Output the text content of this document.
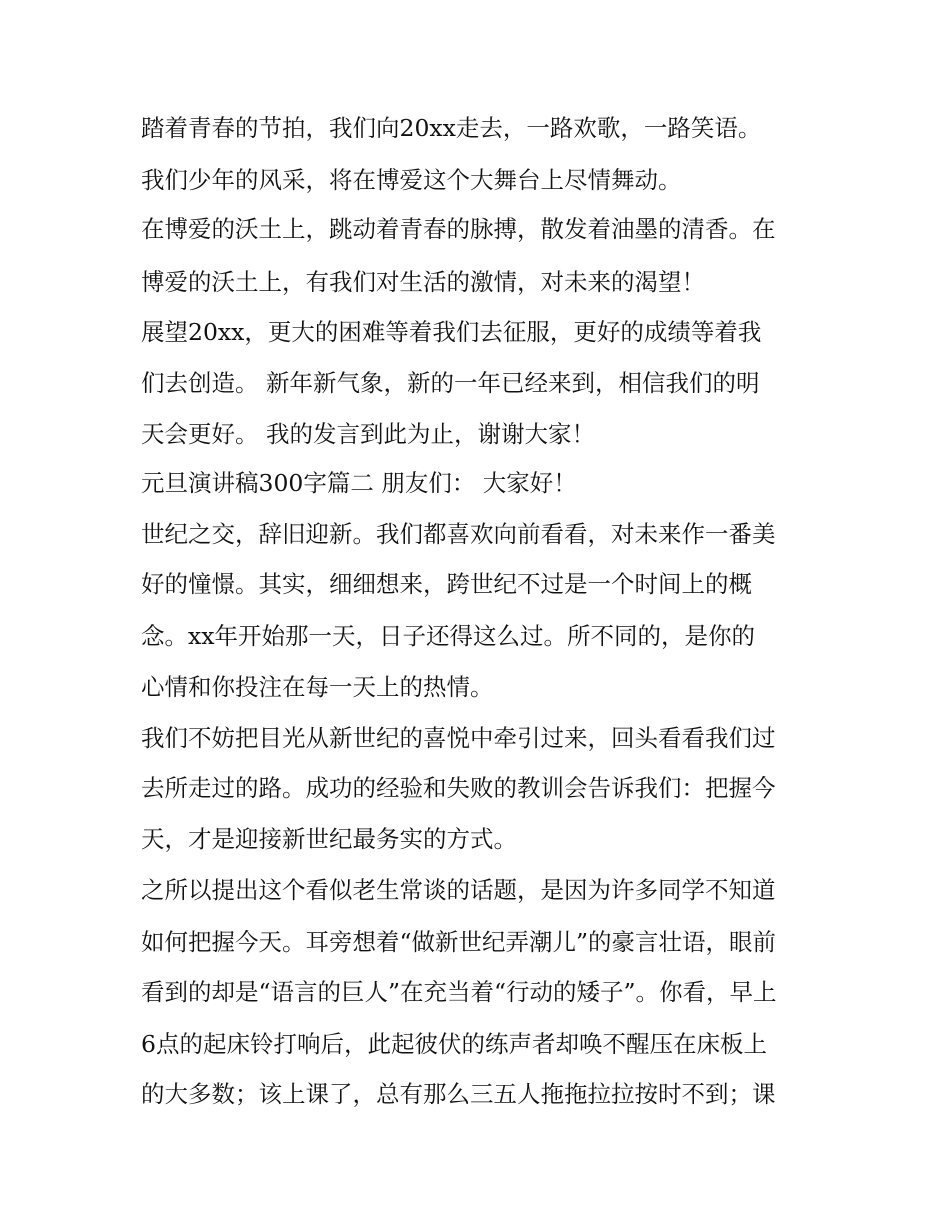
踏着青春的节拍，我们向20xx走去，一路欢歌，一路笑语。
我们少年的风采，将在博爱这个大舞台上尽情舞动。
在博爱的沃土上，跳动着青春的脉搏，散发着油墨的清香。在
博爱的沃土上，有我们对生活的激情，对未来的渴望！
展望20xx，更大的困难等着我们去征服，更好的成绩等着我
们去创造。 新年新气象，新的一年已经来到，相信我们的明
天会更好。 我的发言到此为止，谢谢大家！
元旦演讲稿300字篇二 朋友们： 大家好！
世纪之交，辞旧迎新。我们都喜欢向前看看，对未来作一番美
好的憧憬。其实，细细想来，跨世纪不过是一个时间上的概
念。xx年开始那一天，日子还得这么过。所不同的，是你的
心情和你投注在每一天上的热情。
我们不妨把目光从新世纪的喜悦中牵引过来，回头看看我们过
去所走过的路。成功的经验和失败的教训会告诉我们：把握今
天，才是迎接新世纪最务实的方式。
之所以提出这个看似老生常谈的话题，是因为许多同学不知道
如何把握今天。耳旁想着“做新世纪弄潮儿”的豪言壮语，眼前
看到的却是“语言的巨人”在充当着“行动的矮子”。你看，早上
6点的起床铃打响后，此起彼伏的练声者却唤不醒压在床板上
的大多数；该上课了，总有那么三五人拖拖拉拉按时不到；课
